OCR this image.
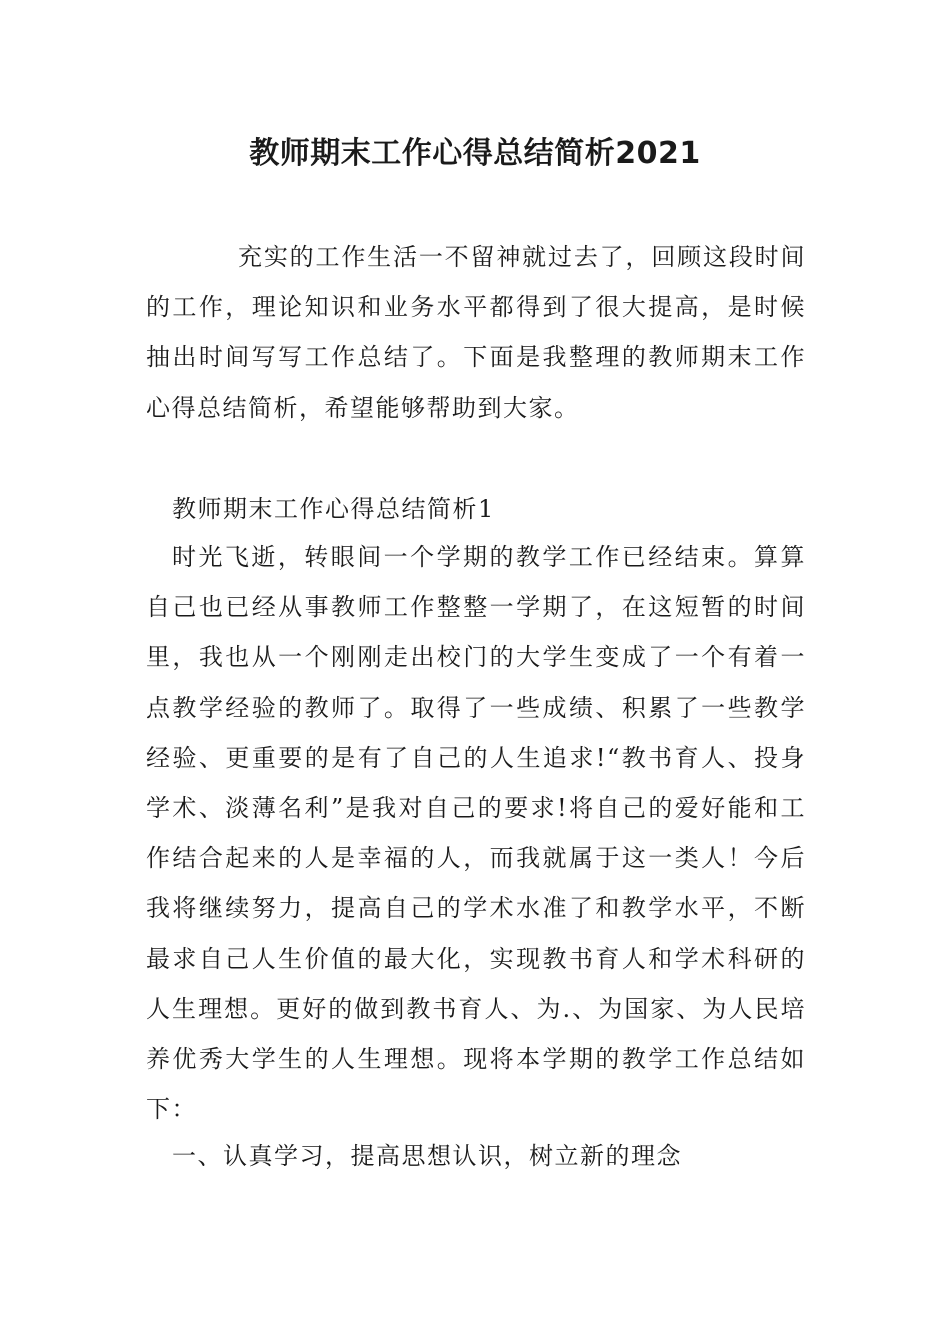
教师期末工作心得总结简析2021

充实的工作生活一不留神就过去了，回顾这段时间的工作，理论知识和业务水平都得到了很大提高，是时候抽出时间写写工作总结了。下面是我整理的教师期末工作心得总结简析，希望能够帮助到大家。

教师期末工作心得总结简析1

时光飞逝，转眼间一个学期的教学工作已经结束。算算自己也已经从事教师工作整整一学期了，在这短暂的时间里，我也从一个刚刚走出校门的大学生变成了一个有着一点教学经验的教师了。取得了一些成绩、积累了一些教学经验、更重要的是有了自己的人生追求!“教书育人、投身学术、淡薄名利”是我对自己的要求!将自己的爱好能和工作结合起来的人是幸福的人，而我就属于这一类人！今后我将继续努力，提高自己的学术水准了和教学水平，不断最求自己人生价值的最大化，实现教书育人和学术科研的人生理想。更好的做到教书育人、为.、为国家、为人民培养优秀大学生的人生理想。现将本学期的教学工作总结如下：

一、认真学习，提高思想认识，树立新的理念
